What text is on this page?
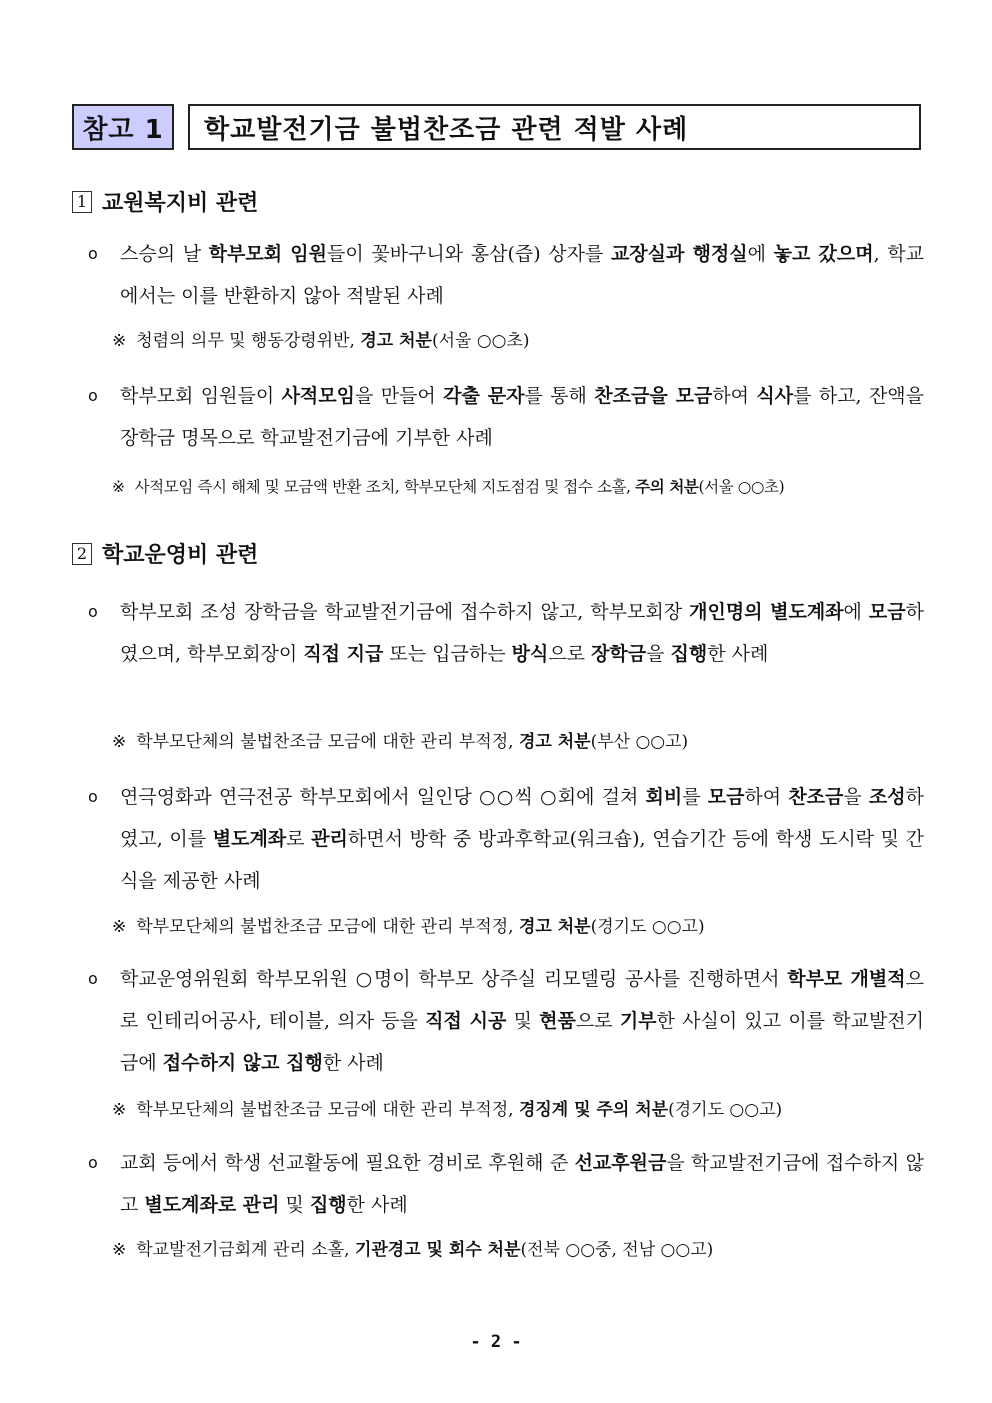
참고 1	학교발전기금 불법찬조금 관련 적발 사례
1 교원복지비 관련
o 스승의 날 학부모회 임원들이 꽃바구니와 홍삼(즙) 상자를 교장실과 행정실에 놓고 갔으며, 학교에서는 이를 반환하지 않아 적발된 사례
※ 청렴의 의무 및 행동강령위반, 경고 처분(서울 ○○초)
o 학부모회 임원들이 사적모임을 만들어 각출 문자를 통해 찬조금을 모금하여 식사를 하고, 잔액을 장학금 명목으로 학교발전기금에 기부한 사례
※ 사적모임 즉시 해체 및 모금액 반환 조치, 학부모단체 지도점검 및 접수 소홀, 주의 처분(서울 ○○초)
2 학교운영비 관련
o 학부모회 조성 장학금을 학교발전기금에 접수하지 않고, 학부모회장 개인명의 별도계좌에 모금하였으며, 학부모회장이 직접 지급 또는 입금하는 방식으로 장학금을 집행한 사례
※ 학부모단체의 불법찬조금 모금에 대한 관리 부적정, 경고 처분(부산 ○○고)
o 연극영화과 연극전공 학부모회에서 일인당 ○○씩 ○회에 걸쳐 회비를 모금하여 찬조금을 조성하였고, 이를 별도계좌로 관리하면서 방학 중 방과후학교(워크숍), 연습기간 등에 학생 도시락 및 간식을 제공한 사례
※ 학부모단체의 불법찬조금 모금에 대한 관리 부적정, 경고 처분(경기도 ○○고)
o 학교운영위원회 학부모위원 ○명이 학부모 상주실 리모델링 공사를 진행하면서 학부모 개별적으로 인테리어공사, 테이블, 의자 등을 직접 시공 및 현품으로 기부한 사실이 있고 이를 학교발전기금에 접수하지 않고 집행한 사례
※ 학부모단체의 불법찬조금 모금에 대한 관리 부적정, 경징계 및 주의 처분(경기도 ○○고)
o 교회 등에서 학생 선교활동에 필요한 경비로 후원해 준 선교후원금을 학교발전기금에 접수하지 않고 별도계좌로 관리 및 집행한 사례
※ 학교발전기금회계 관리 소홀, 기관경고 및 회수 처분(전북 ○○중, 전남 ○○고)
- 2 -
